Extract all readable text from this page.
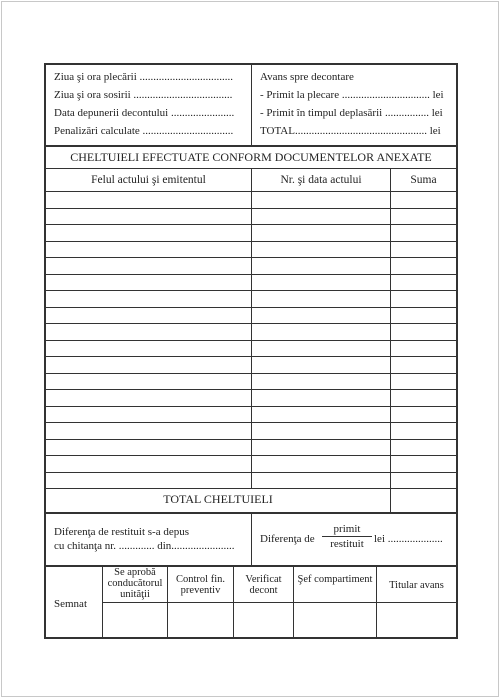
Ziua şi ora plecării ..................................
Ziua şi ora sosirii ....................................
Data depunerii decontului .......................
Penalizări calculate .................................
Avans spre decontare
- Primit la plecare ................................ lei
- Primit în timpul deplasării ................ lei
TOTAL................................................ lei
CHELTUIELI EFECTUATE CONFORM DOCUMENTELOR ANEXATE
Felul actului şi emitentul	Nr. şi data actului	Suma
TOTAL CHELTUIELI
Diferenţa de restituit s-a depus
cu chitanţa nr. ............. din.......................
Diferenţa de
primit
restituit lei ....................
Semnat
Se aprobă conducătorul unităţii
Control fin. preventiv
Verificat decont
Şef compartiment
Titular avans
